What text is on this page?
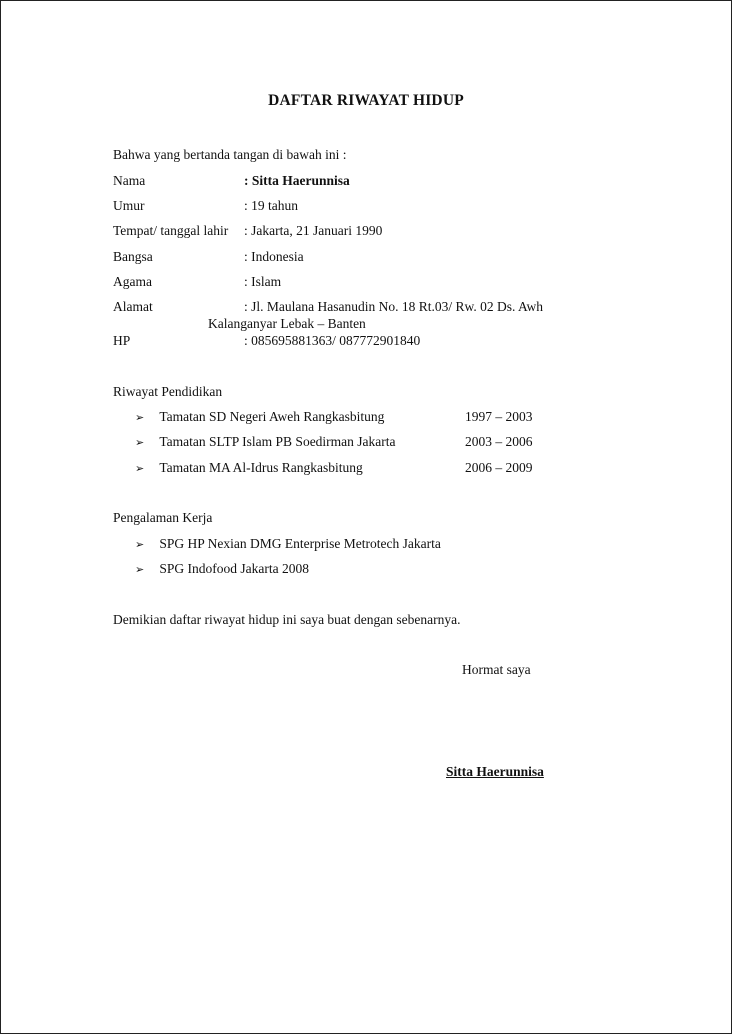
DAFTAR RIWAYAT HIDUP
Bahwa yang bertanda tangan di bawah ini :
Nama	: Sitta Haerunnisa
Umur	: 19 tahun
Tempat/ tanggal lahir : Jakarta, 21 Januari 1990
Bangsa	: Indonesia
Agama	: Islam
Alamat	: Jl. Maulana Hasanudin No. 18 Rt.03/ Rw. 02 Ds. Awh
Kalanganyar Lebak – Banten
HP	: 085695881363/ 087772901840
Riwayat Pendidikan
➢ Tamatan SD Negeri Aweh Rangkasbitung	1997 – 2003
➢ Tamatan SLTP Islam PB Soedirman Jakarta	2003 – 2006
➢ Tamatan MA Al-Idrus Rangkasbitung	2006 – 2009
Pengalaman Kerja
➢ SPG HP Nexian DMG Enterprise Metrotech Jakarta
➢ SPG Indofood Jakarta 2008
Demikian daftar riwayat hidup ini saya buat dengan sebenarnya.
Hormat saya
Sitta Haerunnisa
